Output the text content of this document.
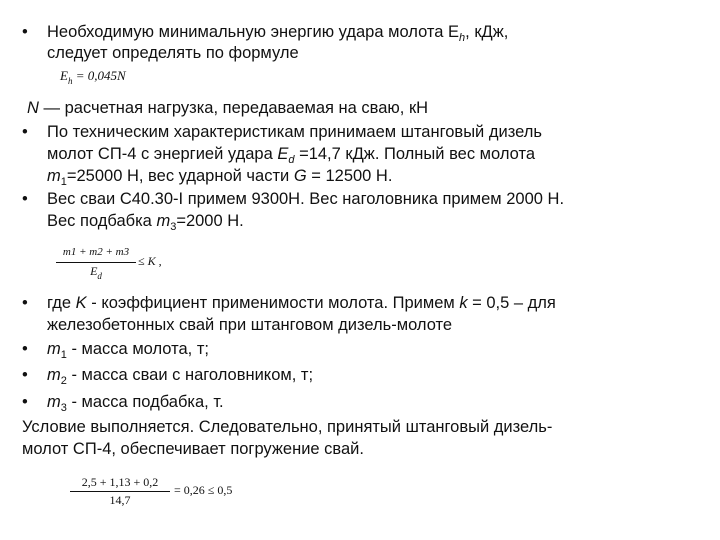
• Необходимую минимальную энергию удара молота $E_h$, кДж,
следует определять по формуле
$E_h = 0,045N$
N — расчетная нагрузка, передаваемая на сваю, кН
• По техническим характеристикам принимаем штанговый дизель
молот СП-4 с энергией удара $E_d =14,7$ кДж. Полный вес молота
$m_1=25000$ Н, вес ударной части G = 12500 Н.
• Вес сваи С40.30-I примем 9300Н. Вес наголовника примем 2000 Н.
Вес подбабка $m_3=2000$ Н.
m1 + m2 + m3
$E_d$
≤ K ,
• где K - коэффициент применимости молота. Примем k = 0,5 – для
железобетонных свай при штанговом дизель-молоте
• $m_1$ - масса молота, т;
• $m_2$ - масса сваи с наголовником, т;
• $m_3$ - масса подбабка, т.
Условие выполняется. Следовательно, принятый штанговый дизель-
молот СП-4, обеспечивает погружение свай.
2,5 + 1,13 + 0,2
14,7
= 0,26 ≤ 0,5
